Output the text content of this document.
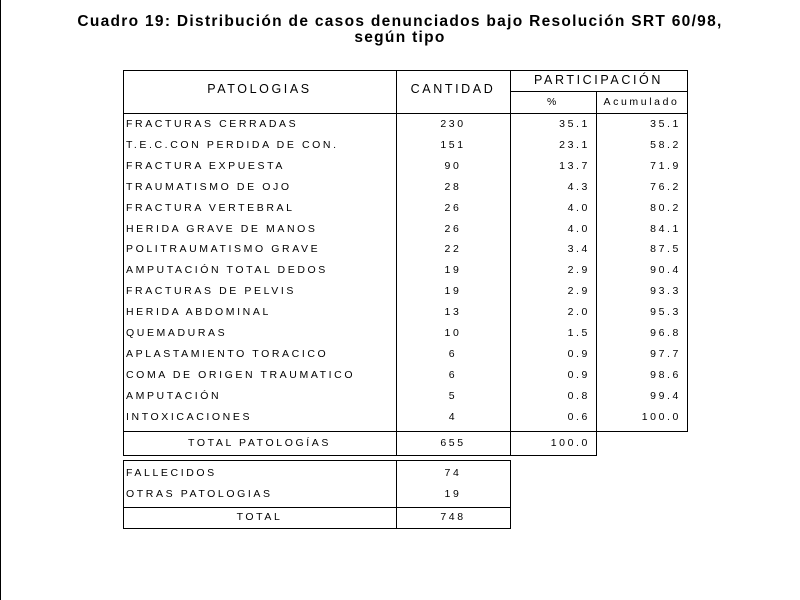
Cuadro 19: Distribución de casos denunciados bajo Resolución SRT 60/98,
según tipo
PATOLOGIAS	CANTIDAD
PARTICIPACIÓN
%	Acumulado
FRACTURAS CERRADAS	230	35.1	35.1
T.E.C.CON PERDIDA DE CON.	151	23.1	58.2
FRACTURA EXPUESTA	90	13.7	71.9
TRAUMATISMO DE OJO	28	4.3	76.2
FRACTURA VERTEBRAL	26	4.0	80.2
HERIDA GRAVE DE MANOS	26	4.0	84.1
POLITRAUMATISMO GRAVE	22	3.4	87.5
AMPUTACIÓN TOTAL DEDOS	19	2.9	90.4
FRACTURAS DE PELVIS	19	2.9	93.3
HERIDA ABDOMINAL	13	2.0	95.3
QUEMADURAS	10	1.5	96.8
APLASTAMIENTO TORACICO	6	0.9	97.7
COMA DE ORIGEN TRAUMATICO	6	0.9	98.6
AMPUTACIÓN	5	0.8	99.4
INTOXICACIONES	4	0.6	100.0
TOTAL PATOLOGÍAS	655	100.0
FALLECIDOS	74
OTRAS PATOLOGIAS	19
TOTAL	748
